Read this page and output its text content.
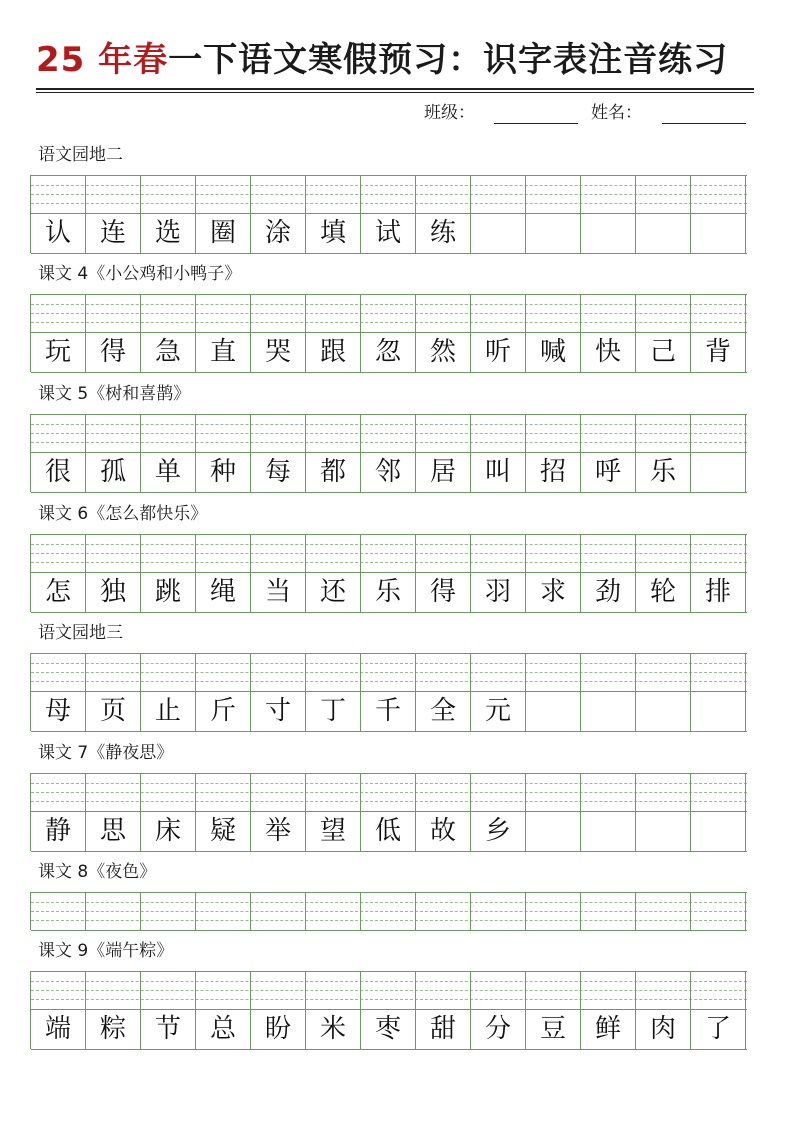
25 年春一下语文寒假预习：识字表注音练习
班级：	姓名：
认	连	选	圈	涂	填	试	练
玩	得	急	直	哭	跟	忽	然	听	喊	快	己	背
很	孤	单	种	每	都	邻	居	叫	招	呼	乐
怎	独	跳	绳	当	还	乐	得	羽	求	劲	轮	排
母	页	止	斤	寸	丁	千	全	元
静	思	床	疑	举	望	低	故	乡
端	粽	节	总	盼	米	枣	甜	分	豆	鲜	肉	了
语文园地二
课文 4《小公鸡和小鸭子》
课文 5《树和喜鹊》
课文 6《怎么都快乐》
语文园地三
课文 7《静夜思》
课文 8《夜色》
课文 9《端午粽》
